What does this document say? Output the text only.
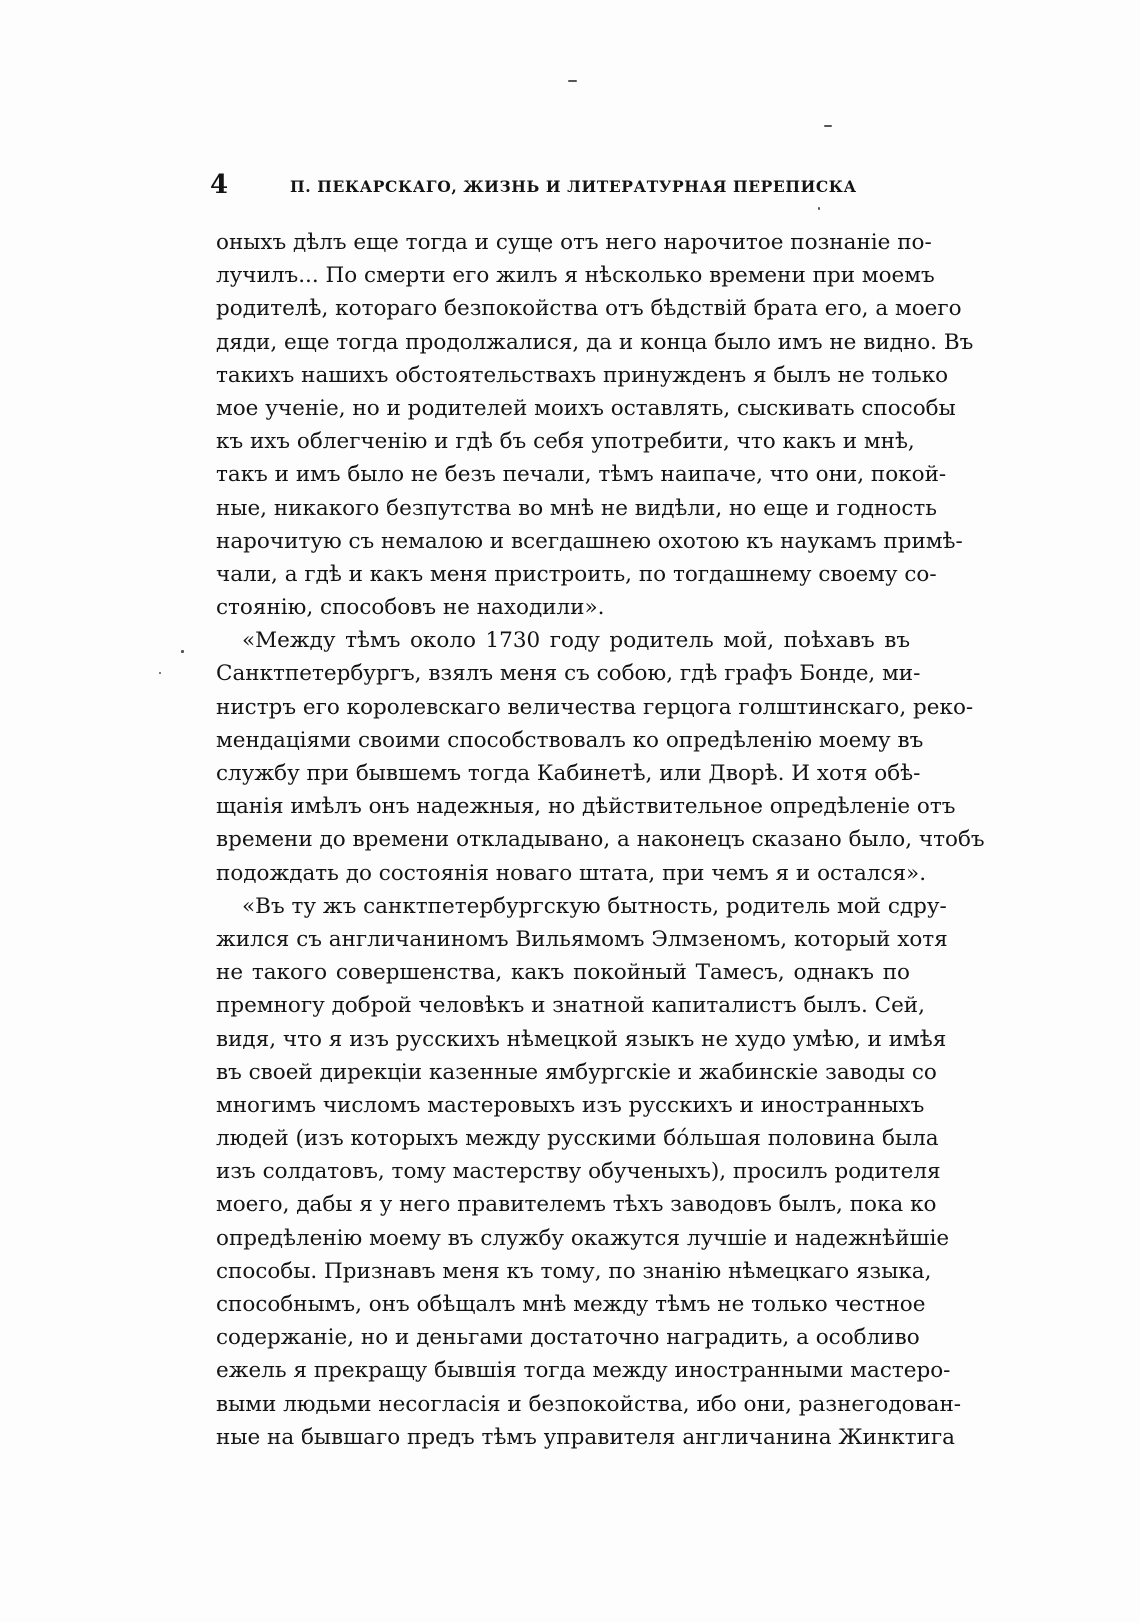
4	П. ПЕКАРСКАГО, ЖИЗНЬ И ЛИТЕРАТУРНАЯ ПЕРЕПИСКА
оныхъ дѣлъ еще тогда и суще отъ него нарочитое познаніе по-
лучилъ... По смерти его жилъ я нѣсколько времени при моемъ
родителѣ, котораго безпокойства отъ бѣдствій брата его, а моего
дяди, еще тогда продолжалися, да и конца было имъ не видно. Въ
такихъ нашихъ обстоятельствахъ принужденъ я былъ не только
мое ученіе, но и родителей моихъ оставлять, сыскивать способы
къ ихъ облегченію и гдѣ бъ себя употребити, что какъ и мнѣ,
такъ и имъ было не безъ печали, тѣмъ наипаче, что они, покой-
ные, никакого безпутства во мнѣ не видѣли, но еще и годность
нарочитую съ немалою и всегдашнею охотою къ наукамъ примѣ-
чали, а гдѣ и какъ меня пристроить, по тогдашнему своему со-
стоянію, способовъ не находили».
«Между тѣмъ около 1730 году родитель мой, поѣхавъ въ
Санктпетербургъ, взялъ меня съ собою, гдѣ графъ Бонде, ми-
нистръ его королевскаго величества герцога голштинскаго, реко-
мендаціями своими способствовалъ ко опредѣленію моему въ
службу при бывшемъ тогда Кабинетѣ, или Дворѣ. И хотя обѣ-
щанія имѣлъ онъ надежныя, но дѣйствительное опредѣленіе отъ
времени до времени откладывано, а наконецъ сказано было, чтобъ
подождать до состоянія новаго штата, при чемъ я и остался».
«Въ ту жъ санктпетербургскую бытность, родитель мой сдру-
жился съ англичаниномъ Вильямомъ Элмзеномъ, который хотя
не такого совершенства, какъ покойный Тамесъ, однакъ по
премногу доброй человѣкъ и знатной капиталистъ былъ. Сей,
видя, что я изъ русскихъ нѣмецкой языкъ не худо умѣю, и имѣя
въ своей дирекціи казенные ямбургскіе и жабинскіе заводы со
многимъ числомъ мастеровыхъ изъ русскихъ и иностранныхъ
людей (изъ которыхъ между русскими бóльшая половина была
изъ солдатовъ, тому мастерству обученыхъ), просилъ родителя
моего, дабы я у него правителемъ тѣхъ заводовъ былъ, пока ко
опредѣленію моему въ службу окажутся лучшіе и надежнѣйшіе
способы. Признавъ меня къ тому, по знанію нѣмецкаго языка,
способнымъ, онъ обѣщалъ мнѣ между тѣмъ не только честное
содержаніе, но и деньгами достаточно наградить, а особливо
ежель я прекращу бывшія тогда между иностранными мастеро-
выми людьми несогласія и безпокойства, ибо они, разнегодован-
ные на бывшаго предъ тѣмъ управителя англичанина Жинктига
